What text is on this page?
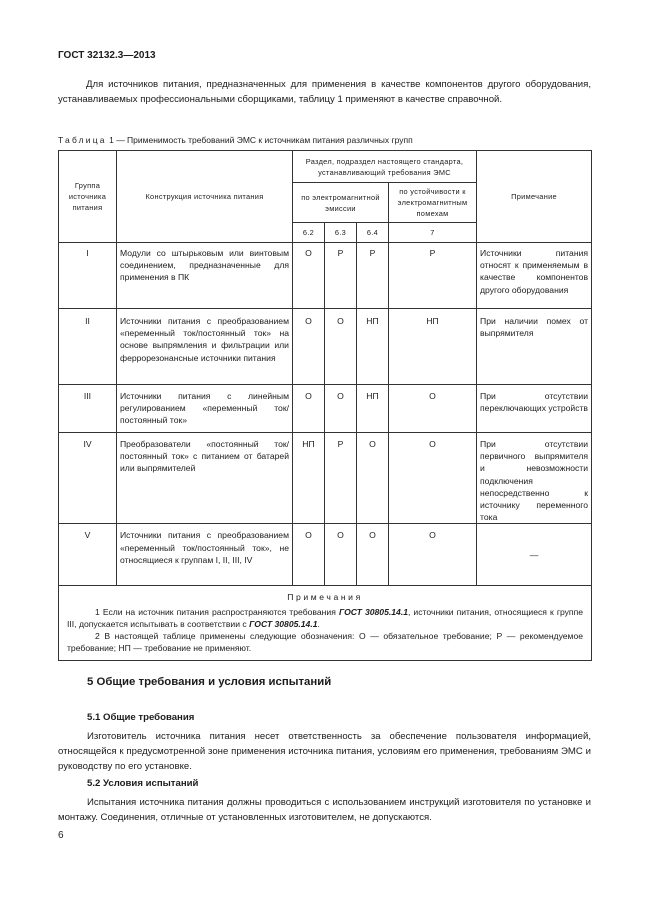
ГОСТ 32132.3—2013

Для источников питания, предназначенных для применения в качестве компонентов другого оборудования, устанавливаемых профессиональными сборщиками, таблицу 1 применяют в качестве справочной.

Таблица 1 — Применимость требований ЭМС к источникам питания различных групп
Группа источника питания	Конструкция источника питания	Раздел, подраздел настоящего стандарта, устанавливающий требования ЭМС				Примечание
		по электромагнитной эмиссии			по устойчивости к электромагнитным помехам	
		6.2	6.3	6.4	7	
I	Модули со штырьковым или винтовым соединением, предназначенные для применения в ПК	О	Р	Р	Р	Источники питания относят к применяемым в качестве компонентов другого оборудования
II	Источники питания с преобразованием «переменный ток/постоянный ток» на основе выпрямления и фильтрации или феррорезонансные источники питания	О	О	НП	НП	При наличии помех от выпрямителя
III	Источники питания с линейным регулированием «переменный ток/постоянный ток»	О	О	НП	О	При отсутствии переключающих устройств
IV	Преобразователи «постоянный ток/постоянный ток» с питанием от батарей или выпрямителей	НП	Р	О	О	При отсутствии первичного выпрямителя и невозможности подключения непосредственно к источнику переменного тока
V	Источники питания с преобразованием «переменный ток/постоянный ток», не относящиеся к группам I, II, III, IV	О	О	О	О	—

Примечания

1 Если на источник питания распространяются требования ГОСТ 30805.14.1, источники питания, относящиеся к группе III, допускается испытывать в соответствии с ГОСТ 30805.14.1.

2 В настоящей таблице применены следующие обозначения: О — обязательное требование; Р — рекомендуемое требование; НП — требование не применяют.						

5 Общие требования и условия испытаний
5.1 Общие требования

Изготовитель источника питания несет ответственность за обеспечение пользователя информацией, относящейся к предусмотренной зоне применения источника питания, условиям его применения, требованиям ЭМС и руководству по его установке.

5.2 Условия испытаний

Испытания источника питания должны проводиться с использованием инструкций изготовителя по установке и монтажу. Соединения, отличные от установленных изготовителем, не допускаются.

6
